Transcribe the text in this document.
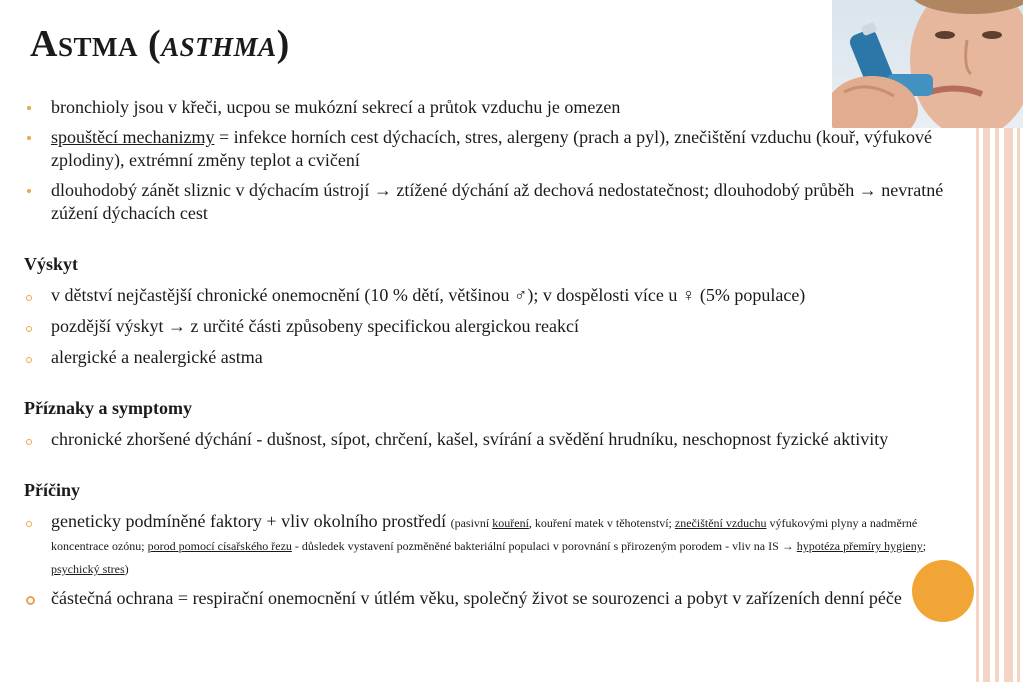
Astma (asthma)
bronchioly jsou v křeči, ucpou se mukózní sekrecí a průtok vzduchu je omezen
spouštěcí mechanizmy = infekce horních cest dýchacích, stres, alergeny (prach a pyl), znečištění vzduchu (kouř, výfukové zplodiny), extrémní změny teplot a cvičení
dlouhodobý zánět sliznic v dýchacím ústrojí → ztížené dýchání až dechová nedostatečnost; dlouhodobý průběh → nevratné zúžení dýchacích cest
Výskyt
v dětství nejčastější chronické onemocnění (10 % dětí, většinou ♂); v dospělosti více u ♀ (5% populace)
pozdější výskyt → z určité části způsobeny specifickou alergickou reakcí
alergické a nealergické astma
Příznaky a symptomy
chronické zhoršené dýchání - dušnost, sípot, chrčení, kašel, svírání a svědění hrudníku, neschopnost fyzické aktivity
Příčiny
geneticky podmíněné faktory + vliv okolního prostředí (pasivní kouření, kouření matek v těhotenství; znečištění vzduchu výfukovými plyny a nadměrné koncentrace ozónu; porod pomocí císařského řezu - důsledek vystavení pozměněné bakteriální populaci v porovnání s přirozeným porodem - vliv na IS → hypotéza přemíry hygieny; psychický stres)
částečná ochrana = respirační onemocnění v útlém věku, společný život se sourozenci a pobyt v zařízeních denní péče
